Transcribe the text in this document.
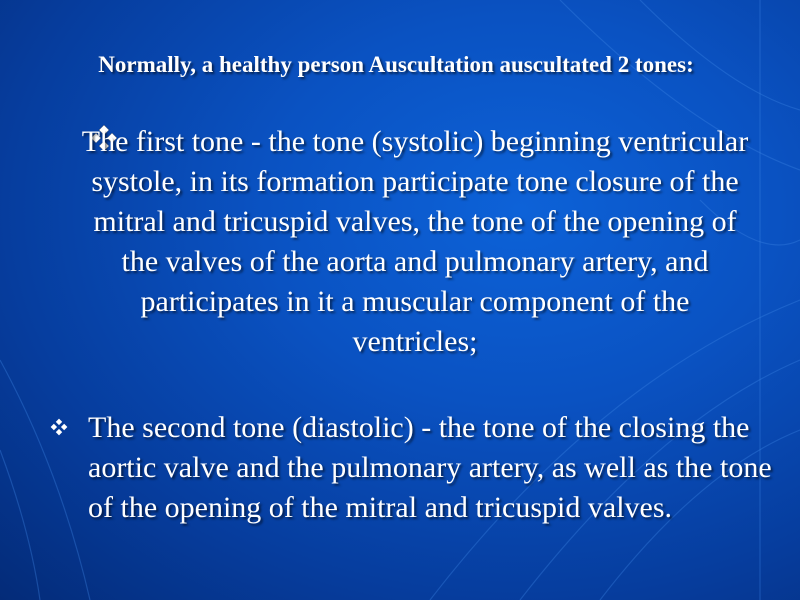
Normally, a healthy person Auscultation auscultated 2 tones:
The first tone - the tone (systolic) beginning ventricular systole, in its formation participate tone closure of the mitral and tricuspid valves, the tone of the opening of the valves of the aorta and pulmonary artery, and participates in it a muscular component of the ventricles;
The second tone (diastolic) - the tone of the closing the aortic valve and the pulmonary artery, as well as the tone of the opening of the mitral and tricuspid valves.
